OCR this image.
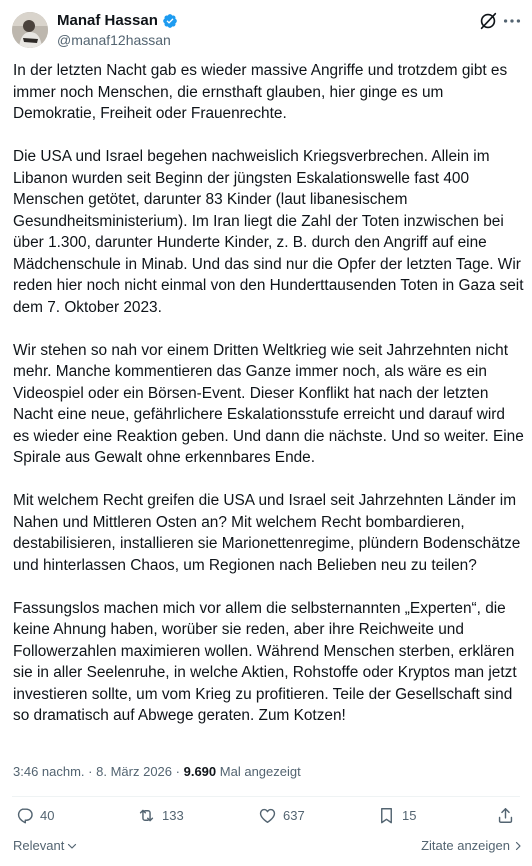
Manaf Hassan
@manaf12hassan

In der letzten Nacht gab es wieder massive Angriffe und trotzdem gibt es immer noch Menschen, die ernsthaft glauben, hier ginge es um Demokratie, Freiheit oder Frauenrechte.

Die USA und Israel begehen nachweislich Kriegsverbrechen. Allein im Libanon wurden seit Beginn der jüngsten Eskalationswelle fast 400 Menschen getötet, darunter 83 Kinder (laut libanesischem Gesundheitsministerium). Im Iran liegt die Zahl der Toten inzwischen bei über 1.300, darunter Hunderte Kinder, z. B. durch den Angriff auf eine Mädchenschule in Minab. Und das sind nur die Opfer der letzten Tage. Wir reden hier noch nicht einmal von den Hunderttausenden Toten in Gaza seit dem 7. Oktober 2023.

Wir stehen so nah vor einem Dritten Weltkrieg wie seit Jahrzehnten nicht mehr. Manche kommentieren das Ganze immer noch, als wäre es ein Videospiel oder ein Börsen-Event. Dieser Konflikt hat nach der letzten Nacht eine neue, gefährlichere Eskalationsstufe erreicht und darauf wird es wieder eine Reaktion geben. Und dann die nächste. Und so weiter. Eine Spirale aus Gewalt ohne erkennbares Ende.

Mit welchem Recht greifen die USA und Israel seit Jahrzehnten Länder im Nahen und Mittleren Osten an? Mit welchem Recht bombardieren, destabilisieren, installieren sie Marionettenregime, plündern Bodenschätze und hinterlassen Chaos, um Regionen nach Belieben neu zu teilen?

Fassungslos machen mich vor allem die selbsternannten „Experten“, die keine Ahnung haben, worüber sie reden, aber ihre Reichweite und Followerzahlen maximieren wollen. Während Menschen sterben, erklären sie in aller Seelenruhe, in welche Aktien, Rohstoffe oder Kryptos man jetzt investieren sollte, um vom Krieg zu profitieren. Teile der Gesellschaft sind so dramatisch auf Abwege geraten. Zum Kotzen!

3:46 nachm. · 8. März 2026 · 9.690 Mal angezeigt
40	133	637	15
Relevant	Zitate anzeigen
